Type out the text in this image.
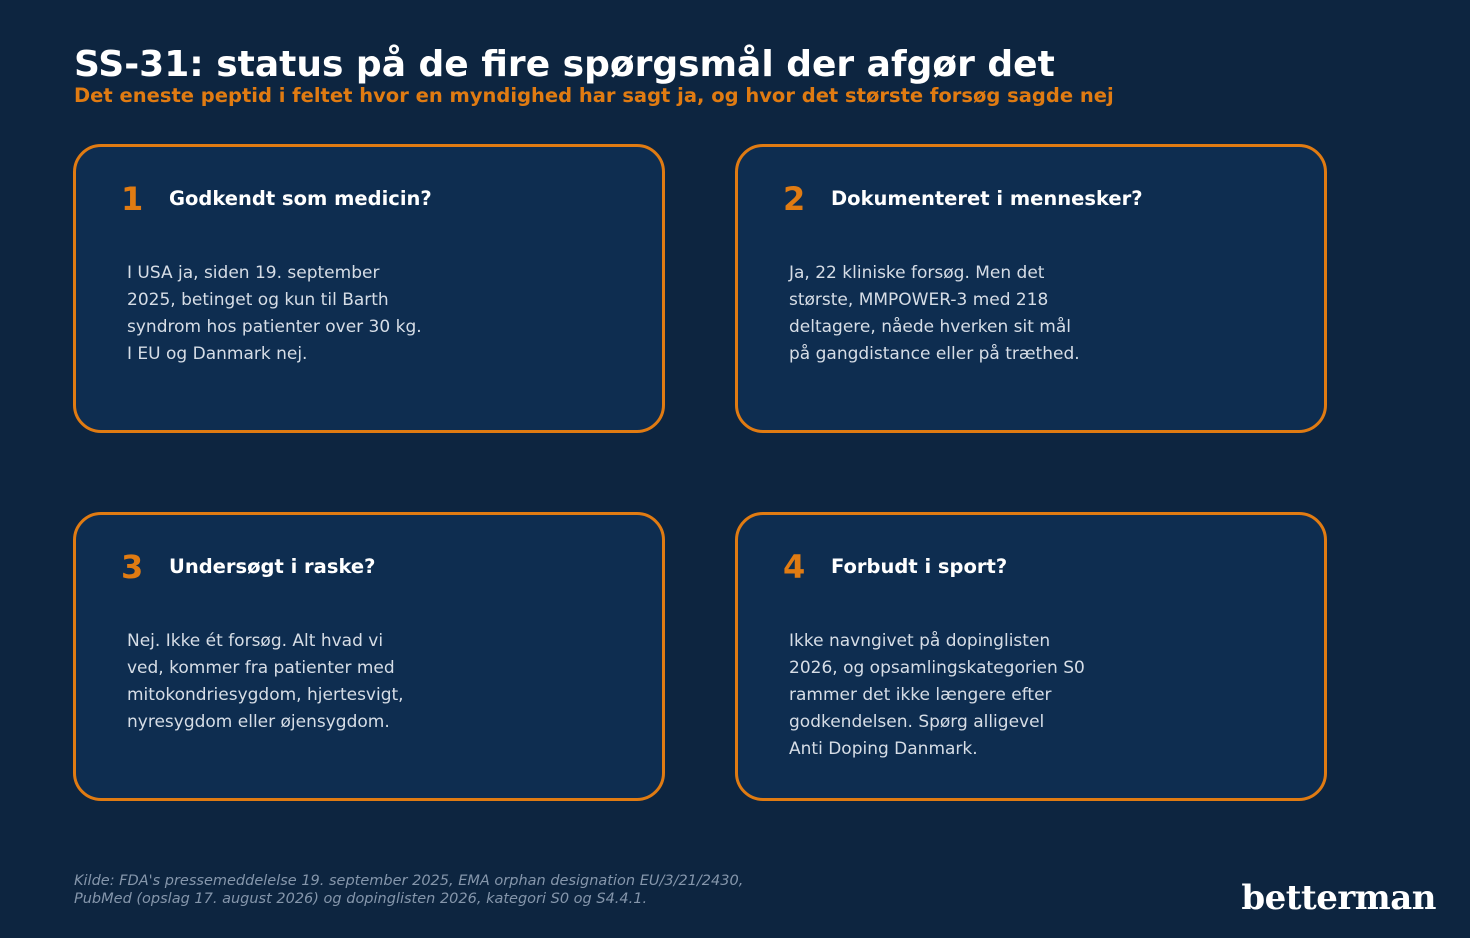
SS-31: status på de fire spørgsmål der afgør det

Det eneste peptid i feltet hvor en myndighed har sagt ja, og hvor det største forsøg sagde nej

1 Godkendt som medicin?
I USA ja, siden 19. september
2025, betinget og kun til Barth
syndrom hos patienter over 30 kg.
I EU og Danmark nej.
2 Dokumenteret i mennesker?
Ja, 22 kliniske forsøg. Men det
største, MMPOWER-3 med 218
deltagere, nåede hverken sit mål
på gangdistance eller på træthed.
3 Undersøgt i raske?
Nej. Ikke ét forsøg. Alt hvad vi
ved, kommer fra patienter med
mitokondriesygdom, hjertesvigt,
nyresygdom eller øjensygdom.
4 Forbudt i sport?
Ikke navngivet på dopinglisten
2026, og opsamlingskategorien S0
rammer det ikke længere efter
godkendelsen. Spørg alligevel
Anti Doping Danmark.
Kilde: FDA's pressemeddelelse 19. september 2025, EMA orphan designation EU/3/21/2430,
PubMed (opslag 17. august 2026) og dopinglisten 2026, kategori S0 og S4.4.1.	betterman
